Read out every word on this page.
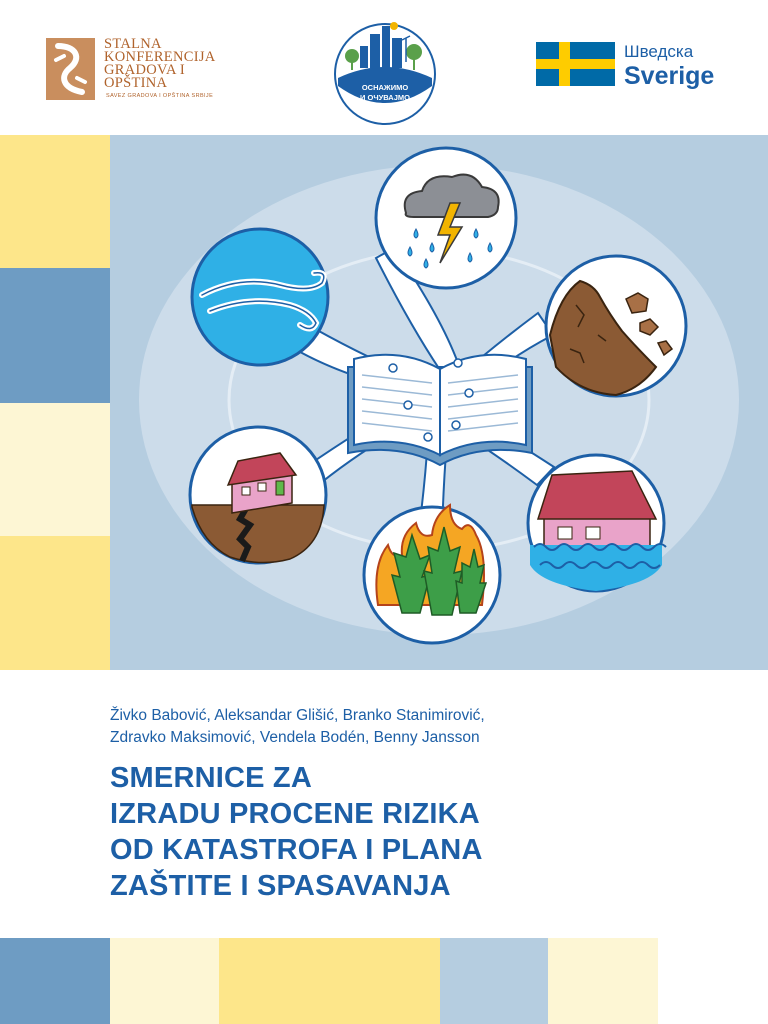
STALNA
KONFERENCIJA
GRADOVA I
OPŠTINA
SAVEZ GRADOVA I OPŠTINA SRBIJE
ОСНАЖИМО
И ОЧУВАЈМО
Шведска
Sverige
Živko Babović, Aleksandar Glišić, Branko Stanimirović,
Zdravko Maksimović, Vendela Bodén, Benny Jansson
SMERNICE ZA
IZRADU PROCENE RIZIKA
OD KATASTROFA I PLANA
ZAŠTITE I SPASAVANJA
